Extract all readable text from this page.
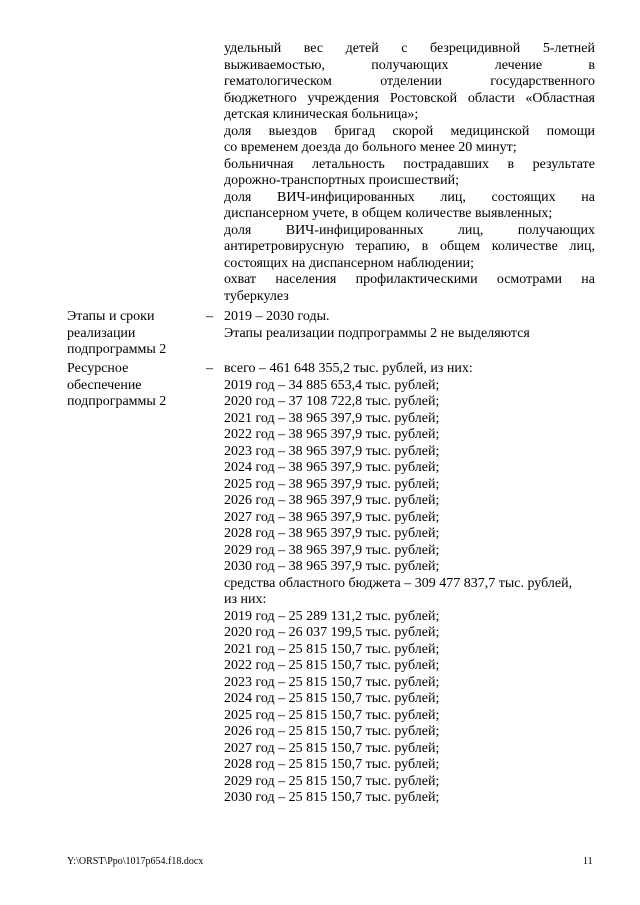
удельный вес детей с безрецидивной 5-летней
выживаемостью, получающих лечение в
гематологическом отделении государственного
бюджетного учреждения Ростовской области «Областная
детская клиническая больница»;
доля выездов бригад скорой медицинской помощи
со временем доезда до больного менее 20 минут;
больничная летальность пострадавших в результате
дорожно-транспортных происшествий;
доля ВИЧ-инфицированных лиц, состоящих на
диспансерном учете, в общем количестве выявленных;
доля ВИЧ-инфицированных лиц, получающих
антиретровирусную терапию, в общем количестве лиц,
состоящих на диспансерном наблюдении;
охват населения профилактическими осмотрами на
туберкулез
Этапы и сроки
реализации
подпрограммы 2
– 2019 – 2030 годы.
Этапы реализации подпрограммы 2 не выделяются
Ресурсное
обеспечение
подпрограммы 2
– всего – 461 648 355,2 тыс. рублей, из них:
2019 год – 34 885 653,4 тыс. рублей;
2020 год – 37 108 722,8 тыс. рублей;
2021 год – 38 965 397,9 тыс. рублей;
2022 год – 38 965 397,9 тыс. рублей;
2023 год – 38 965 397,9 тыс. рублей;
2024 год – 38 965 397,9 тыс. рублей;
2025 год – 38 965 397,9 тыс. рублей;
2026 год – 38 965 397,9 тыс. рублей;
2027 год – 38 965 397,9 тыс. рублей;
2028 год – 38 965 397,9 тыс. рублей;
2029 год – 38 965 397,9 тыс. рублей;
2030 год – 38 965 397,9 тыс. рублей;
средства областного бюджета – 309 477 837,7 тыс. рублей,
из них:
2019 год – 25 289 131,2 тыс. рублей;
2020 год – 26 037 199,5 тыс. рублей;
2021 год – 25 815 150,7 тыс. рублей;
2022 год – 25 815 150,7 тыс. рублей;
2023 год – 25 815 150,7 тыс. рублей;
2024 год – 25 815 150,7 тыс. рублей;
2025 год – 25 815 150,7 тыс. рублей;
2026 год – 25 815 150,7 тыс. рублей;
2027 год – 25 815 150,7 тыс. рублей;
2028 год – 25 815 150,7 тыс. рублей;
2029 год – 25 815 150,7 тыс. рублей;
2030 год – 25 815 150,7 тыс. рублей;
Y:\ORST\Ppo\1017p654.f18.docx	11
